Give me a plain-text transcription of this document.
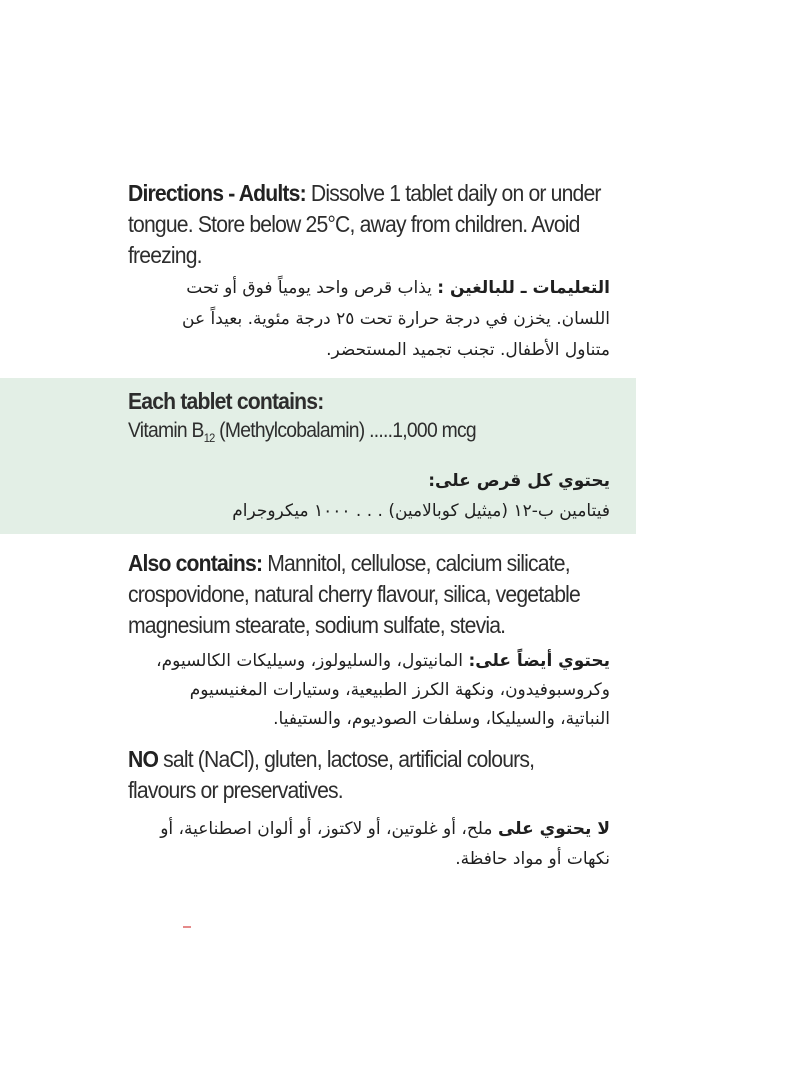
Directions - Adults: Dissolve 1 tablet daily on or under tongue. Store below 25°C, away from children. Avoid freezing.
التعليمات ـ للبالغين : يذاب قرص واحد يومياً فوق أو تحت اللسان. يخزن في درجة حرارة تحت ٢٥ درجة مئوية. بعيداً عن متناول الأطفال. تجنب تجميد المستحضر.
Each tablet contains:
Vitamin $B_{12}$ (Methylcobalamin) .....1,000 mcg
يحتوي كل قرص على:
فيتامين ب-١٢ (ميثيل كوبالامين) . . . ١٠٠٠ ميكروجرام
Also contains: Mannitol, cellulose, calcium silicate, crospovidone, natural cherry flavour, silica, vegetable magnesium stearate, sodium sulfate, stevia.
يحتوي أيضاً على: المانيتول، والسليولوز، وسيليكات الكالسيوم، وكروسبوفيدون، ونكهة الكرز الطبيعية، وستيارات المغنيسيوم النباتية، والسيليكا، وسلفات الصوديوم، والستيفيا.
NO salt (NaCl), gluten, lactose, artificial colours, flavours or preservatives.
لا يحتوي على ملح، أو غلوتين، أو لاكتوز، أو ألوان اصطناعية، أو نكهات أو مواد حافظة.
